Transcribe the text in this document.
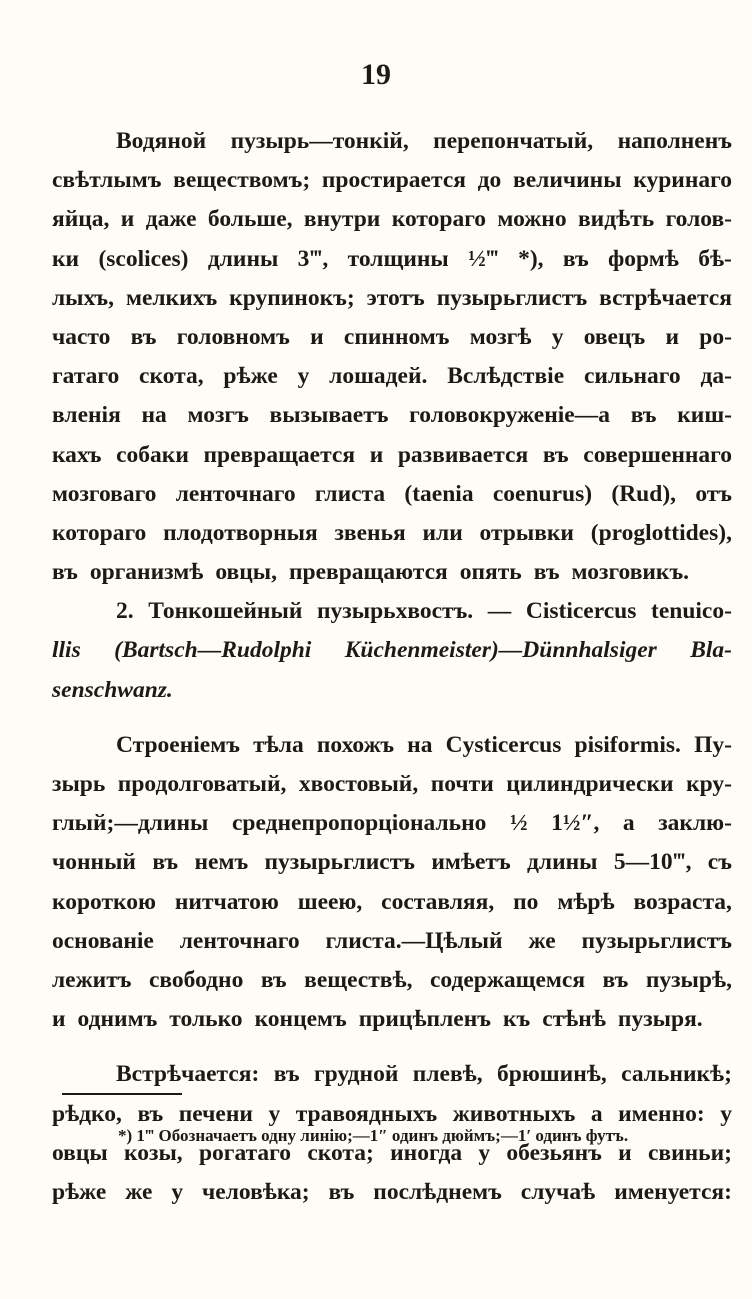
19
Водяной пузырь—тонкій, перепончатый, наполненъ
свѣтлымъ веществомъ; простирается до величины куринаго
яйца, и даже больше, внутри котораго можно видѣть голов-
ки (scolices) длины 3‴, толщины ½‴ *), въ формѣ бѣ-
лыхъ, мелкихъ крупинокъ; этотъ пузырьглистъ встрѣчается
часто въ головномъ и спинномъ мозгѣ у овецъ и ро-
гатаго скота, рѣже у лошадей. Вслѣдствіе сильнаго да-
вленія на мозгъ вызываетъ головокруженіе—а въ киш-
кахъ собаки превращается и развивается въ совершеннаго
мозговаго ленточнаго глиста (taenia coenurus) (Rud), отъ
котораго плодотворныя звенья или отрывки (proglottides),
въ организмѣ овцы, превращаются опять въ мозговикъ.
2. Тонкошейный пузырьхвостъ. — Cisticercus tenuico-
llis (Bartsch—Rudolphi Küchenmeister)—Dünnhalsiger Bla-
senschwanz.
Строеніемъ тѣла похожъ на Cysticercus pisiformis. Пу-
зырь продолговатый, хвостовый, почти цилиндрически кру-
глый;—длины среднепропорціонально ½ 1½″, а заклю-
чонный въ немъ пузырьглистъ имѣетъ длины 5—10‴, съ
короткою нитчатою шеею, составляя, по мѣрѣ возраста,
основаніе ленточнаго глиста.—Цѣлый же пузырьглистъ
лежитъ свободно въ веществѣ, содержащемся въ пузырѣ,
и однимъ только концемъ прицѣпленъ къ стѣнѣ пузыря.
Встрѣчается: въ грудной плевѣ, брюшинѣ, сальникѣ;
рѣдко, въ печени у травоядныхъ животныхъ а именно: у
овцы козы, рогатаго скота; иногда у обезьянъ и свиньи;
рѣже же у человѣка; въ послѣднемъ случаѣ именуется:
*) 1‴ Обозначаетъ одну линію;—1″ одинъ дюймъ;—1′ одинъ футъ.
